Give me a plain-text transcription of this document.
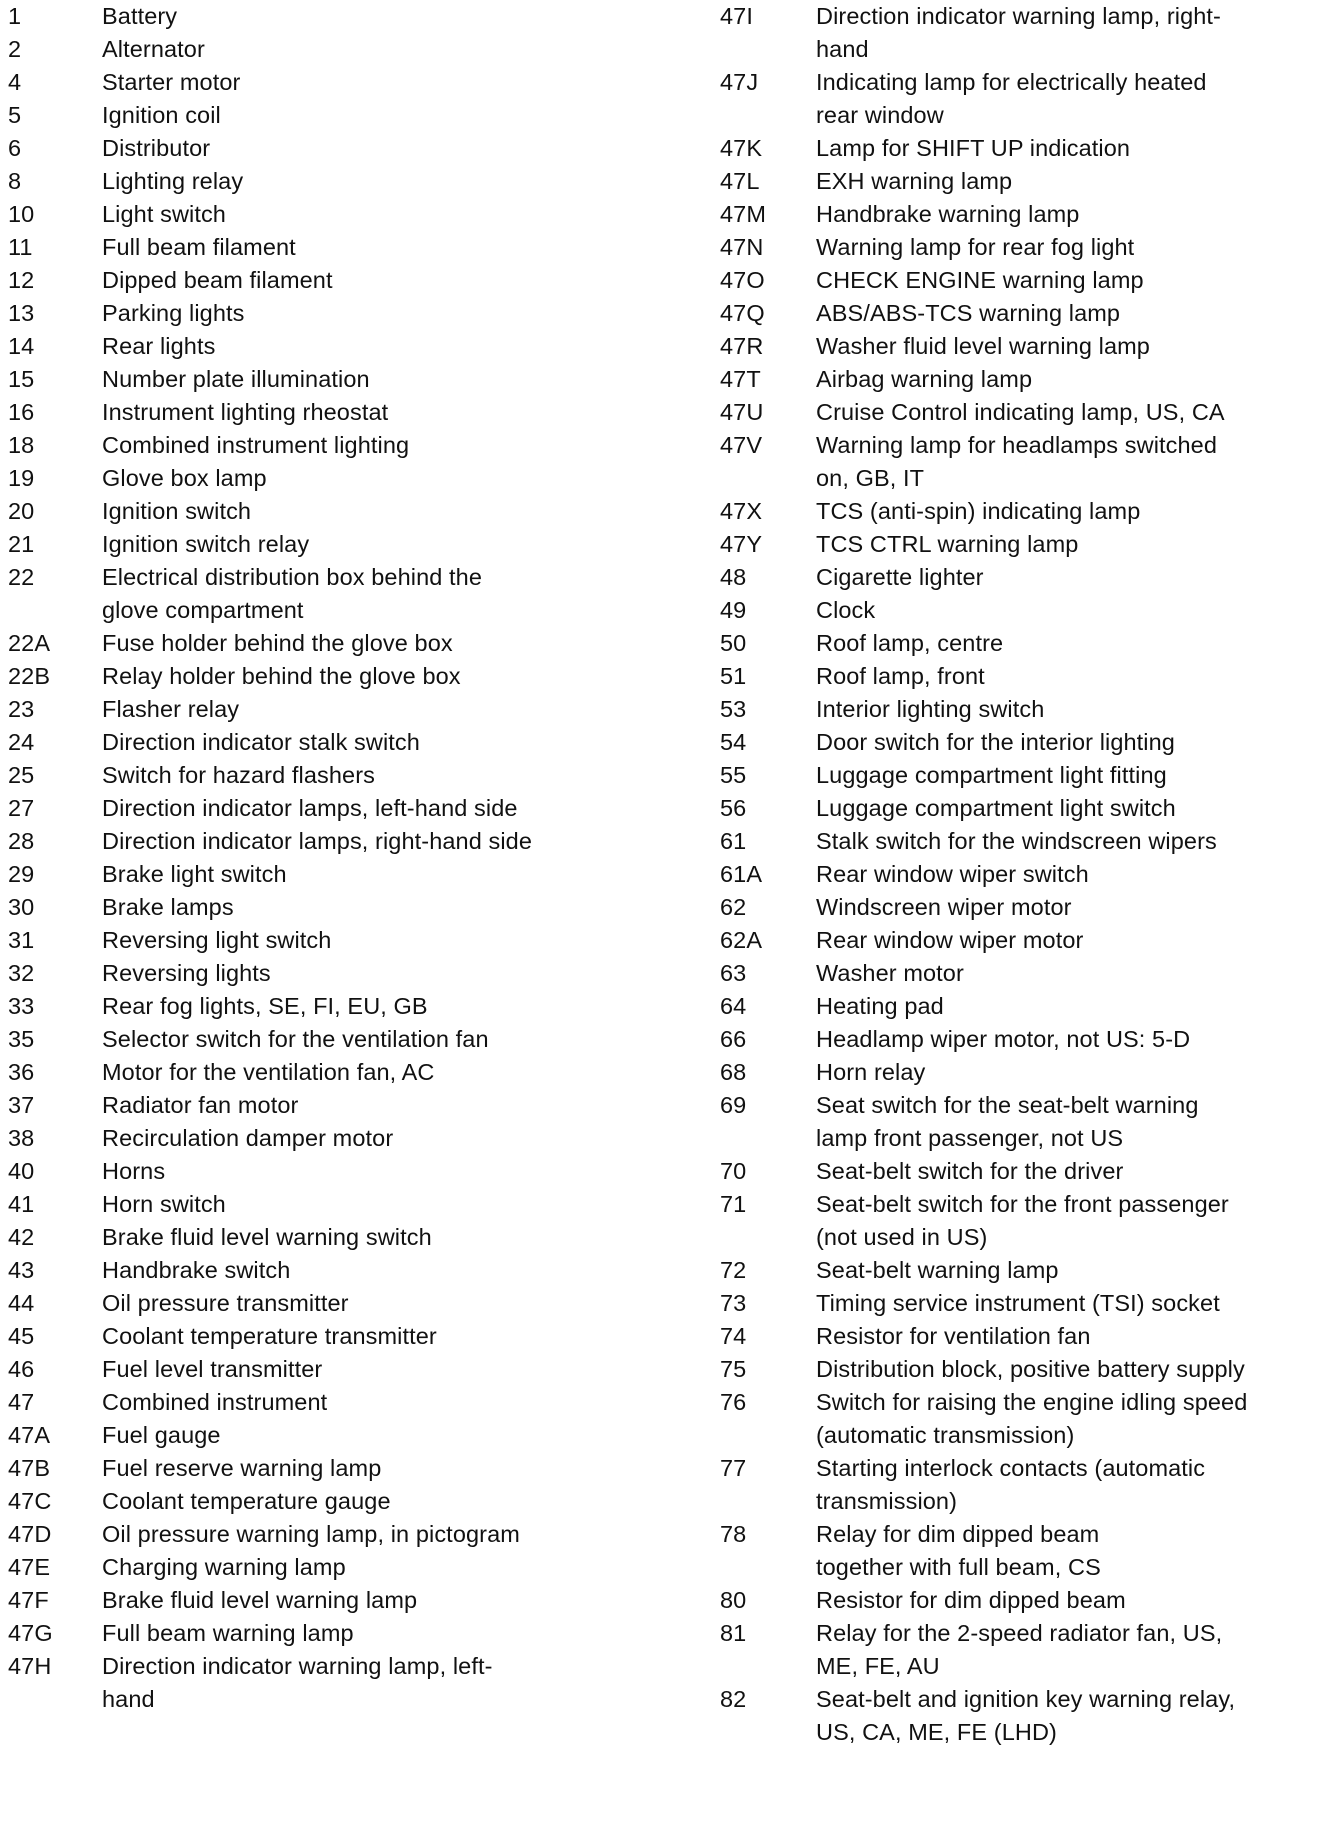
1	Battery
2	Alternator
4	Starter motor
5	Ignition coil
6	Distributor
8	Lighting relay
10	Light switch
11	Full beam filament
12	Dipped beam filament
13	Parking lights
14	Rear lights
15	Number plate illumination
16	Instrument lighting rheostat
18	Combined instrument lighting
19	Glove box lamp
20	Ignition switch
21	Ignition switch relay
22	Electrical distribution box behind the
glove compartment
22A	Fuse holder behind the glove box
22B	Relay holder behind the glove box
23	Flasher relay
24	Direction indicator stalk switch
25	Switch for hazard flashers
27	Direction indicator lamps, left-hand side
28	Direction indicator lamps, right-hand side
29	Brake light switch
30	Brake lamps
31	Reversing light switch
32	Reversing lights
33	Rear fog lights, SE, FI, EU, GB
35	Selector switch for the ventilation fan
36	Motor for the ventilation fan, AC
37	Radiator fan motor
38	Recirculation damper motor
40	Horns
41	Horn switch
42	Brake fluid level warning switch
43	Handbrake switch
44	Oil pressure transmitter
45	Coolant temperature transmitter
46	Fuel level transmitter
47	Combined instrument
47A	Fuel gauge
47B	Fuel reserve warning lamp
47C	Coolant temperature gauge
47D	Oil pressure warning lamp, in pictogram
47E	Charging warning lamp
47F	Brake fluid level warning lamp
47G	Full beam warning lamp
47H	Direction indicator warning lamp, left-
hand
47I	Direction indicator warning lamp, right-
hand
47J	Indicating lamp for electrically heated
rear window
47K	Lamp for SHIFT UP indication
47L	EXH warning lamp
47M	Handbrake warning lamp
47N	Warning lamp for rear fog light
47O	CHECK ENGINE warning lamp
47Q	ABS/ABS-TCS warning lamp
47R	Washer fluid level warning lamp
47T	Airbag warning lamp
47U	Cruise Control indicating lamp, US, CA
47V	Warning lamp for headlamps switched
on, GB, IT
47X	TCS (anti-spin) indicating lamp
47Y	TCS CTRL warning lamp
48	Cigarette lighter
49	Clock
50	Roof lamp, centre
51	Roof lamp, front
53	Interior lighting switch
54	Door switch for the interior lighting
55	Luggage compartment light fitting
56	Luggage compartment light switch
61	Stalk switch for the windscreen wipers
61A	Rear window wiper switch
62	Windscreen wiper motor
62A	Rear window wiper motor
63	Washer motor
64	Heating pad
66	Headlamp wiper motor, not US: 5-D
68	Horn relay
69	Seat switch for the seat-belt warning
lamp front passenger, not US
70	Seat-belt switch for the driver
71	Seat-belt switch for the front passenger
(not used in US)
72	Seat-belt warning lamp
73	Timing service instrument (TSI) socket
74	Resistor for ventilation fan
75	Distribution block, positive battery supply
76	Switch for raising the engine idling speed
(automatic transmission)
77	Starting interlock contacts (automatic
transmission)
78	Relay for dim dipped beam
together with full beam, CS
80	Resistor for dim dipped beam
81	Relay for the 2-speed radiator fan, US,
ME, FE, AU
82	Seat-belt and ignition key warning relay,
US, CA, ME, FE (LHD)
